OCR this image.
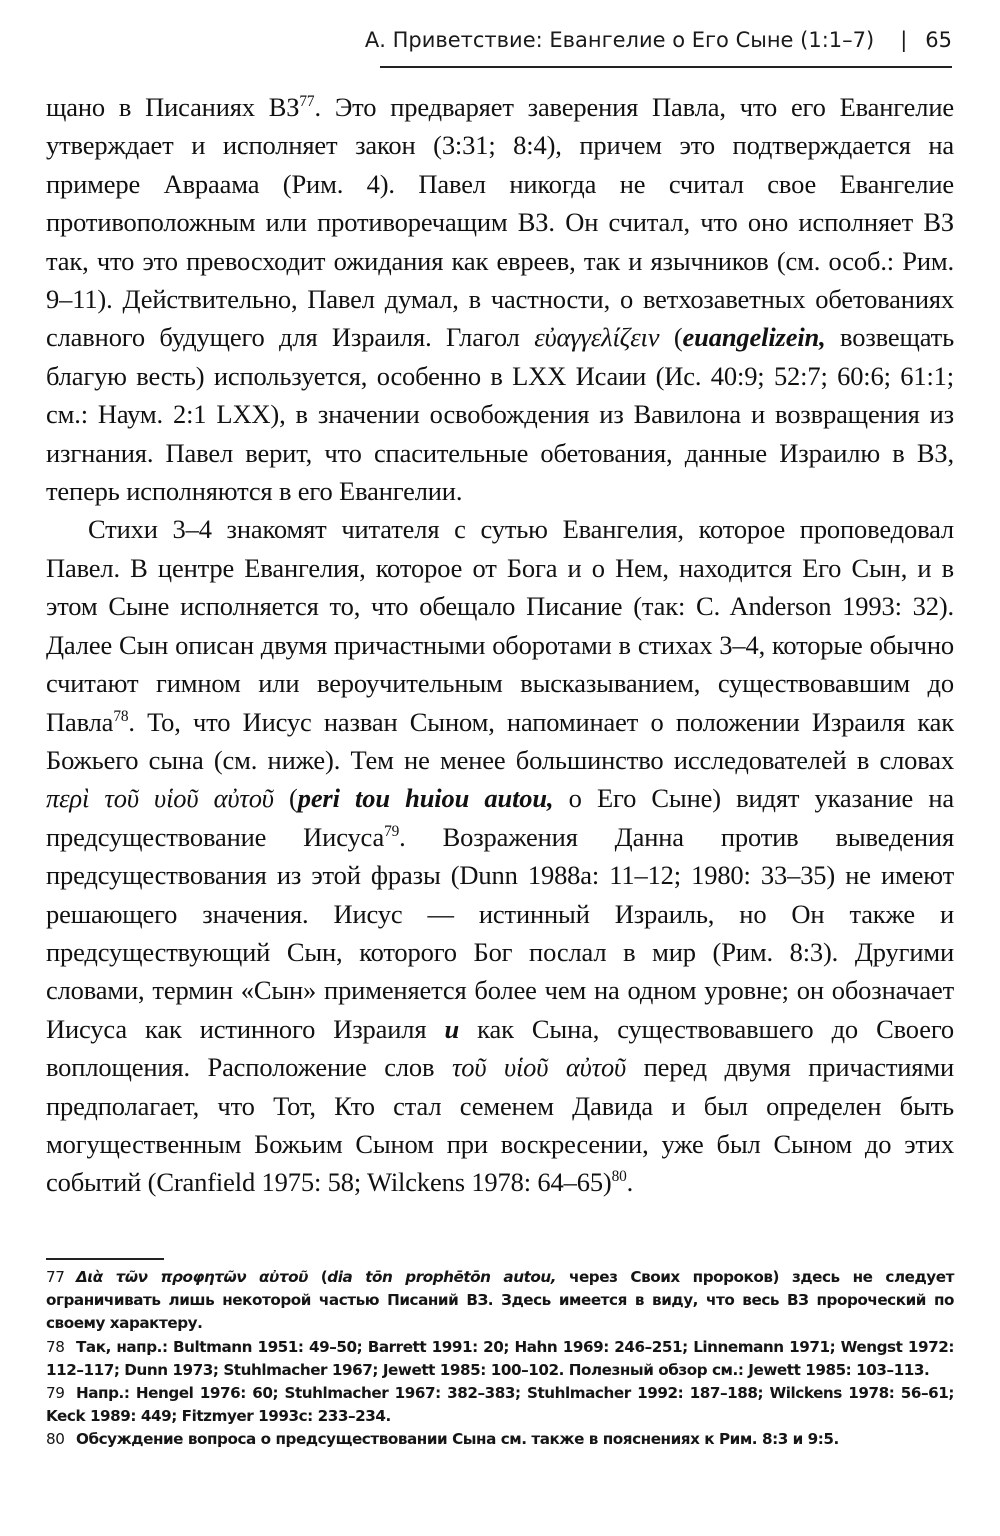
А. Приветствие: Евангелие о Его Сыне (1:1–7) | 65

щано в Писаниях ВЗ$^{77}$. Это предваряет заверения Павла, что его Евангелие утверждает и исполняет закон (3:31; 8:4), причем это подтверждается на примере Авраама (Рим. 4). Павел никогда не считал свое Евангелие противоположным или противоречащим ВЗ. Он считал, что оно исполняет ВЗ так, что это превосходит ожидания как евреев, так и язычников (см. особ.: Рим. 9–11). Действительно, Павел думал, в частности, о ветхозаветных обетованиях славного будущего для Израиля. Глагол εὐαγγελίζειν (euangelizein, возвещать благую весть) используется, особенно в LXX Исаии (Ис. 40:9; 52:7; 60:6; 61:1; см.: Наум. 2:1 LXX), в значении освобождения из Вавилона и возвращения из изгнания. Павел верит, что спасительные обетования, данные Израилю в ВЗ, теперь исполняются в его Евангелии.

Стихи 3–4 знакомят читателя с сутью Евангелия, которое проповедовал Павел. В центре Евангелия, которое от Бога и о Нем, находится Его Сын, и в этом Сыне исполняется то, что обещало Писание (так: C. Anderson 1993: 32). Далее Сын описан двумя причастными оборотами в стихах 3–4, которые обычно считают гимном или вероучительным высказыванием, существовавшим до Павла$^{78}$. То, что Иисус назван Сыном, напоминает о положении Израиля как Божьего сына (см. ниже). Тем не менее большинство исследователей в словах περὶ τοῦ υἱοῦ αὐτοῦ (peri tou huiou autou, о Его Сыне) видят указание на предсуществование Иисуса$^{79}$. Возражения Данна против выведения предсуществования из этой фразы (Dunn 1988a: 11–12; 1980: 33–35) не имеют решающего значения. Иисус — истинный Израиль, но Он также и предсуществующий Сын, которого Бог послал в мир (Рим. 8:3). Другими словами, термин «Сын» применяется более чем на одном уровне; он обозначает Иисуса как истинного Израиля и как Сына, существовавшего до Своего воплощения. Расположение слов τοῦ υἱοῦ αὐτοῦ перед двумя причастиями предполагает, что Тот, Кто стал семенем Давида и был определен быть могущественным Божьим Сыном при воскресении, уже был Сыном до этих событий (Cranfield 1975: 58; Wilckens 1978: 64–65)$^{80}$.

77 Διὰ τῶν προφητῶν αὐτοῦ (dia tōn prophētōn autou, через Своих пророков) здесь не следует ограничивать лишь некоторой частью Писаний ВЗ. Здесь имеется в виду, что весь ВЗ пророческий по своему характеру.

78 Так, напр.: Bultmann 1951: 49–50; Barrett 1991: 20; Hahn 1969: 246–251; Linnemann 1971; Wengst 1972: 112–117; Dunn 1973; Stuhlmacher 1967; Jewett 1985: 100–102. Полезный обзор см.: Jewett 1985: 103–113.

79 Напр.: Hengel 1976: 60; Stuhlmacher 1967: 382–383; Stuhlmacher 1992: 187–188; Wilckens 1978: 56–61; Keck 1989: 449; Fitzmyer 1993c: 233–234.

80 Обсуждение вопроса о предсуществовании Сына см. также в пояснениях к Рим. 8:3 и 9:5.
